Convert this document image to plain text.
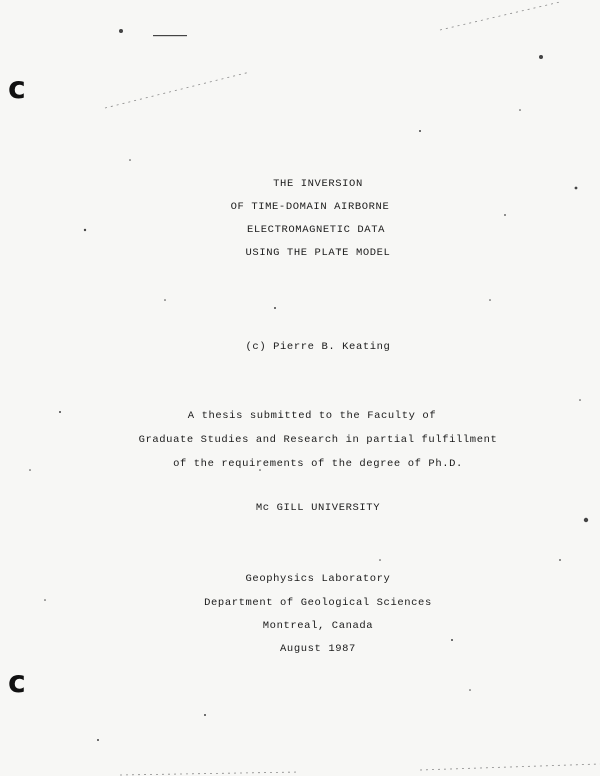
c
c
THE INVERSION
OF TIME-DOMAIN AIRBORNE
ELECTROMAGNETIC DATA
USING THE PLATE MODEL
(c) Pierre B. Keating
A thesis submitted to the Faculty of
Graduate Studies and Research in partial fulfillment
of the requirements of the degree of Ph.D.
Mc GILL UNIVERSITY
Geophysics Laboratory
Department of Geological Sciences
Montreal, Canada
August 1987
